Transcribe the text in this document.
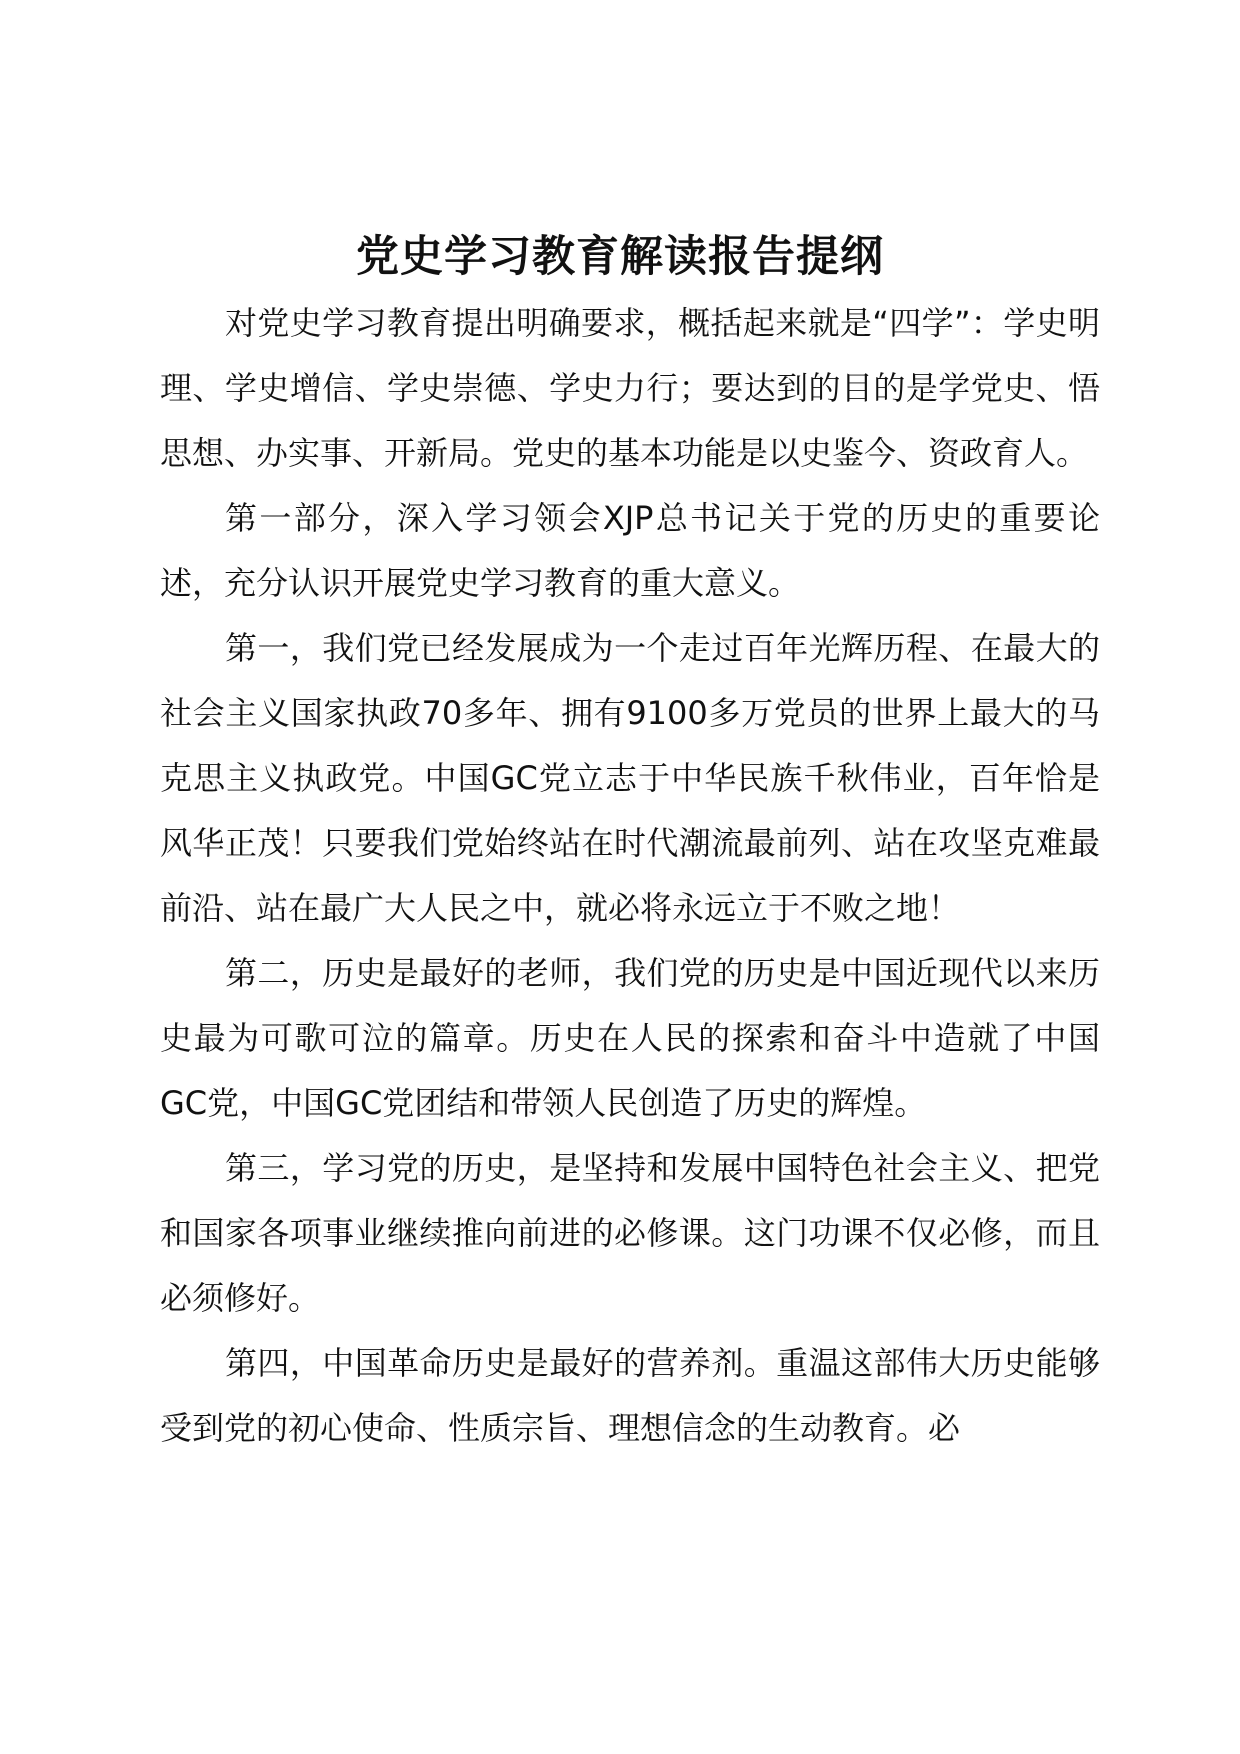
党史学习教育解读报告提纲

对党史学习教育提出明确要求，概括起来就是“四学”：学史明理、学史增信、学史崇德、学史力行；要达到的目的是学党史、悟思想、办实事、开新局。党史的基本功能是以史鉴今、资政育人。

第一部分，深入学习领会XJP总书记关于党的历史的重要论述，充分认识开展党史学习教育的重大意义。

第一，我们党已经发展成为一个走过百年光辉历程、在最大的社会主义国家执政70多年、拥有9100多万党员的世界上最大的马克思主义执政党。中国GC党立志于中华民族千秋伟业，百年恰是风华正茂！只要我们党始终站在时代潮流最前列、站在攻坚克难最前沿、站在最广大人民之中，就必将永远立于不败之地！

第二，历史是最好的老师，我们党的历史是中国近现代以来历史最为可歌可泣的篇章。历史在人民的探索和奋斗中造就了中国GC党，中国GC党团结和带领人民创造了历史的辉煌。

第三，学习党的历史，是坚持和发展中国特色社会主义、把党和国家各项事业继续推向前进的必修课。这门功课不仅必修，而且必须修好。

第四，中国革命历史是最好的营养剂。重温这部伟大历史能够受到党的初心使命、性质宗旨、理想信念的生动教育。必
